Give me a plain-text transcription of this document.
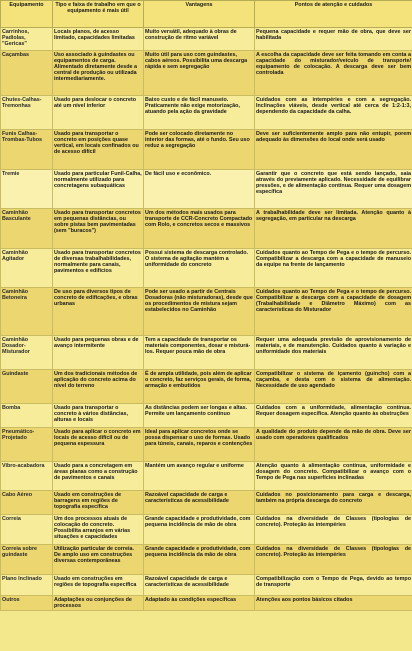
Equipamento	Tipo e faixa de trabalho em que o equipamento é mais útil	Vantagens	Pontos de atenção e cuidados
Carrinhos, Padiolas, "Gericas"	Locais planos, de acesso limitado, capacidades limitadas	Muito versátil, adequado à obras de construção de ritmo variável	Pequena capacidade e requer mão de obra, que deve ser habilitada
Caçambas	Uso associado à guindastes ou equipamentos de carga. Alimentado diretamente desde a central de produção ou utilizada intermediariamente.	Muito útil para uso com guindastes, cabos aéreos. Possibilita uma descarga rápida e sem segregação	A escolha da capacidade deve ser feita tomando em conta a capacidade do misturador/veículo de transporte/ equipamento de colocação. A descarga deve ser bem controlada
Chutes-Calhas-Tremonhas	Usado para deslocar o concreto até um nível inferior	Baixo custo e de fácil manuseio. Praticamente não exige motorização, atuando pela ação da gravidade	Cuidados com as intempéries e com a segregação. Inclinações viáveis, desde vertical até cerca de 1:2-1:3, dependendo da capacidade da calha.
Funis Calhas-Trombas-Tubos	Usado para transportar o concreto em posições quase vertical, em locais confinados ou de acesso difícil	Pode ser colocado diretamente no interior das formas, até o fundo. Seu uso reduz a segregação	Deve ser suficientemente amplo para não entupir, porem adequado às dimensões do local onde será usado
Tremie	Usado para particular Funil-Calha, normalmente utilizado para concretagens subaquáticas	De fácil uso e econômico.	Garantir que o concreto que está sendo lançado, saia através do previamente aplicado. Necessidade de equilibrar pressões, e de alimentação contínua. Requer uma dosagem específica
Caminhão Basculante	Usado para transportar concretos em pequenas distâncias, ou sobre pistas bem pavimentadas (sem "buracos")	Um dos métodos mais usados para transporte de CCR-Concreto Compactado com Rolo, e concretos secos e massivos	A trabalhabilidade deve ser limitada. Atenção quanto à segregação, em particular na descarga
Caminhão Agitador	Usado para transportar concretos de diversas trabalhabilidades, normalmente para canais, pavimentos e edifícios	Possui sistema de descarga controlado. O sistema de agitação mantém a uniformidade do concreto	Cuidados quanto ao Tempo de Pega e o tempo de percurso. Compatibilizar a descarga com a capacidade de manuseio da equipe na frente de lançamento
Caminhão Betoneira	De uso para diversos tipos de concreto de edificações, e obras urbanas	Pode ser usado a partir de Centrais Dosadoras (não misturadoras), desde que os procedimentos de mistura sejam estabelecidos no Caminhão	Cuidados quanto ao Tempo de Pega e o tempo de percurso. Compatibilizar a descarga com a capacidade de dosagem (Trabalhabilidade e Diâmetro Máximo) com as características do Misturador
Caminhão Dosador-Misturador	Usado para pequenas obras e de avanço intermitente	Tem a capacidade de transportar os materiais componentes, dosar e misturá-los. Requer pouca mão de obra	Requer uma adequada previsão de aprovisionamento de materiais, e de manutenção. Cuidados quanto à variação e uniformidade dos materiais
Guindaste	Um dos tradicionais métodos de aplicação do concreto acima do nível do terreno	É de ampla utilidade, pois além de aplicar o concreto, faz serviços gerais, de forma, armação e embutidos	Compatibilizar o sistema de içamento (guincho) com a caçamba, e desta com o sistema de alimentação. Necessidade de uso agendado
Bomba	Usado para transportar o concreto à vários distâncias, alturas e locais	As distâncias podem ser longas e altas. Permite um lançamento contínuo	Cuidados com a uniformidade, alimentação contínua. Requer dosagem específica. Atenção quanto às obstruções
Pneumático-Projetado	Usado para aplicar o concreto em locais de acesso difícil ou de pequena espessura	Ideal para aplicar concretos onde se possa dispensar o uso de formas. Usado para túneis, canais, reparos e contenções	A qualidade do produto depende da mão de obra. Deve ser usado com operadores qualificados
Vibro-acabadora	Usado para a concretagem em áreas planas como a construção de pavimentos e canais	Mantém um avanço regular e uniforme	Atenção quanto à alimentação contínua, uniformidade e dosagem do concreto. Compatibilizar o avanço com o Tempo de Pega nas superfícies inclinadas
Cabo Aéreo	Usado em construções de barragens em regiões de topografia específica	Razoável capacidade de carga e características de acessibilidade	Cuidados no posicionamento para carga e descarga, também na própria descarga do concreto
Correia	Um dos processos atuais de colocação do concreto. Possibilita arranjos em várias situações e capacidades	Grande capacidade e produtividade, com pequena incidência de mão de obra	Cuidados na diversidade de Classes (tipologias de concreto). Proteção às intempéries
Correia sobre guindaste	Utilização particular de correia. De amplo uso em construções diversas contemporâneas	Grande capacidade e produtividade, com pequena incidência da mão de obra	Cuidados na diversidade de Classes (tipologias de concreto). Proteção às intempéries
Plano Inclinado	Usado em construções em regiões de topografia específica	Razoável capacidade de carga e características de acessibilidade	Compatibilização com o Tempo de Pega, devido ao tempo de transporte
Outros	Adaptações ou conjunções de processos	Adaptado às condições específicas	Atenções aos pontos básicos citados
